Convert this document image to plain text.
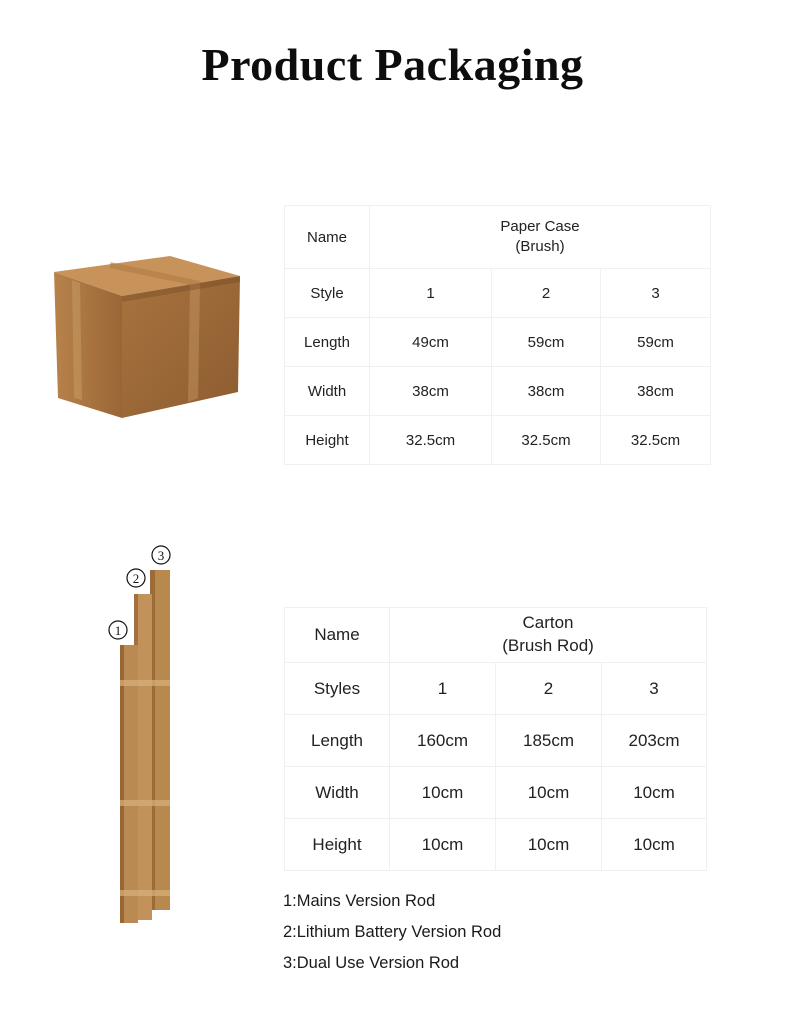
Product Packaging
3
2
1
Name	Paper Case
(Brush)		

Style	1	2	3
Length	49cm	59cm	59cm
Width	38cm	38cm	38cm
Height	32.5cm	32.5cm	32.5cm
Name	Carton
(Brush Rod)		

Styles	1	2	3
Length	160cm	185cm	203cm
Width	10cm	10cm	10cm
Height	10cm	10cm	10cm
1:Mains Version Rod
2:Lithium Battery Version Rod
3:Dual Use Version Rod
